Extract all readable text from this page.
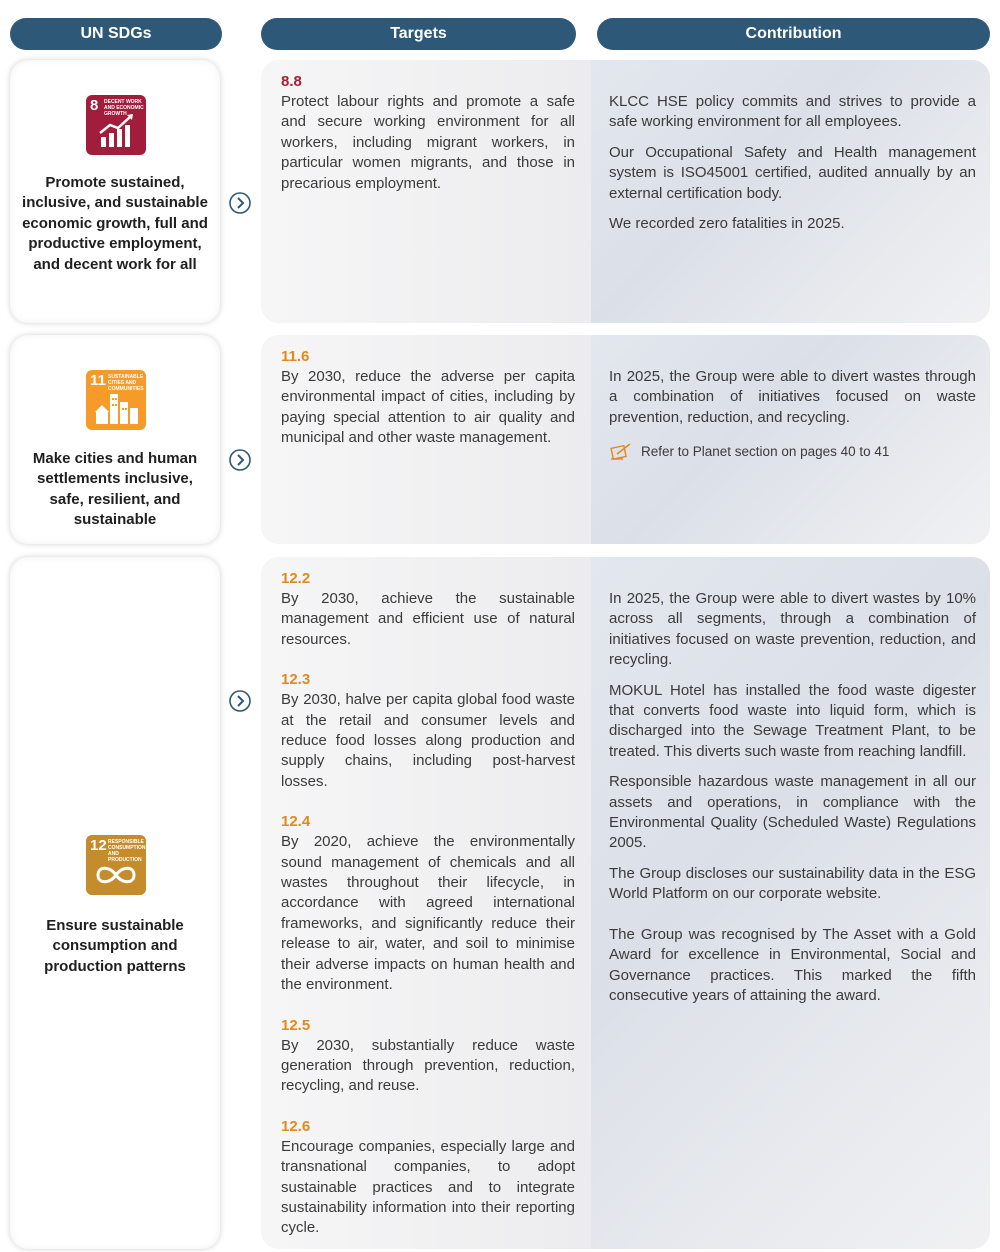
UN SDGs	Targets	Contribution
8 DECENT WORK AND ECONOMIC GROWTH
Promote sustained, inclusive, and sustainable economic growth, full and productive employment, and decent work for all
8.8
Protect labour rights and promote a safe and secure working environment for all workers, including migrant workers, in particular women migrants, and those in precarious employment.

KLCC HSE policy commits and strives to provide a safe working environment for all employees.

Our Occupational Safety and Health management system is ISO45001 certified, audited annually by an external certification body.

We recorded zero fatalities in 2025.

11 SUSTAINABLE CITIES AND COMMUNITIES
Make cities and human settlements inclusive, safe, resilient, and sustainable
11.6
By 2030, reduce the adverse per capita environmental impact of cities, including by paying special attention to air quality and municipal and other waste management.

In 2025, the Group were able to divert wastes through a combination of initiatives focused on waste prevention, reduction, and recycling.

Refer to Planet section on pages 40 to 41
12 RESPONSIBLE CONSUMPTION AND PRODUCTION
Ensure sustainable consumption and production patterns
12.2
By 2030, achieve the sustainable management and efficient use of natural resources.
12.3
By 2030, halve per capita global food waste at the retail and consumer levels and reduce food losses along production and supply chains, including post-harvest losses.
12.4
By 2020, achieve the environmentally sound management of chemicals and all wastes throughout their lifecycle, in accordance with agreed international frameworks, and significantly reduce their release to air, water, and soil to minimise their adverse impacts on human health and the environment.
12.5
By 2030, substantially reduce waste generation through prevention, reduction, recycling, and reuse.
12.6
Encourage companies, especially large and transnational companies, to adopt sustainable practices and to integrate sustainability information into their reporting cycle.

In 2025, the Group were able to divert wastes by 10% across all segments, through a combination of initiatives focused on waste prevention, reduction, and recycling.

MOKUL Hotel has installed the food waste digester that converts food waste into liquid form, which is discharged into the Sewage Treatment Plant, to be treated. This diverts such waste from reaching landfill.

Responsible hazardous waste management in all our assets and operations, in compliance with the Environmental Quality (Scheduled Waste) Regulations 2005.

The Group discloses our sustainability data in the ESG World Platform on our corporate website.

The Group was recognised by The Asset with a Gold Award for excellence in Environmental, Social and Governance practices. This marked the fifth consecutive years of attaining the award.
